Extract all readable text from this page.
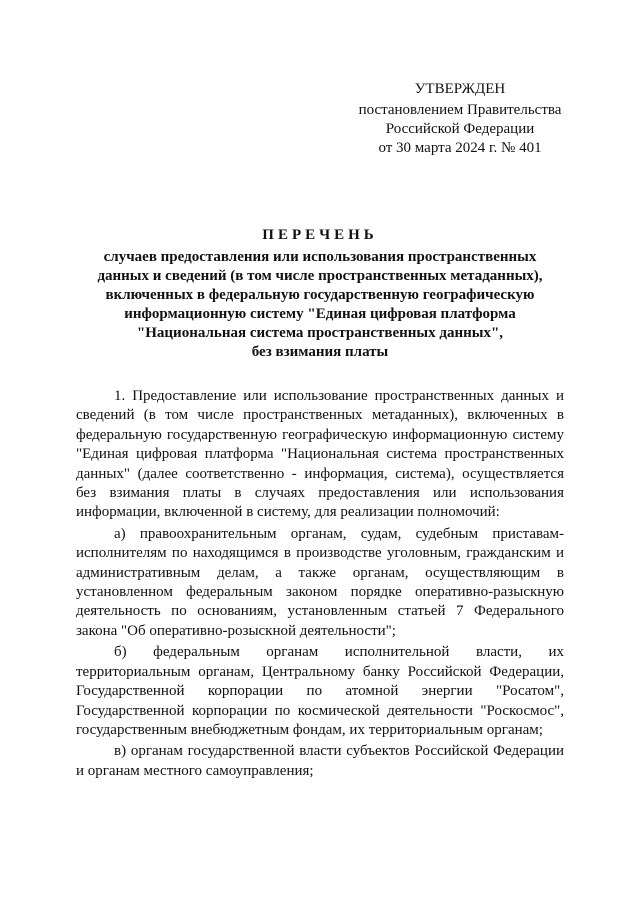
УТВЕРЖДЕН
постановлением Правительства
Российской Федерации
от 30 марта 2024 г. № 401
ПЕРЕЧЕНЬ
случаев предоставления или использования пространственных
данных и сведений (в том числе пространственных метаданных),
включенных в федеральную государственную географическую
информационную систему "Единая цифровая платформа
"Национальная система пространственных данных",
без взимания платы

1. Предоставление или использование пространственных данных и сведений (в том числе пространственных метаданных), включенных в федеральную государственную географическую информационную систему "Единая цифровая платформа "Национальная система пространственных данных" (далее соответственно - информация, система), осуществляется без взимания платы в случаях предоставления или использования информации, включенной в систему, для реализации полномочий:

а) правоохранительным органам, судам, судебным приставам-исполнителям по находящимся в производстве уголовным, гражданским и административным делам, а также органам, осуществляющим в установленном федеральным законом порядке оперативно-разыскную деятельность по основаниям, установленным статьей 7 Федерального закона "Об оперативно-розыскной деятельности";

б) федеральным органам исполнительной власти, их территориальным органам, Центральному банку Российской Федерации, Государственной корпорации по атомной энергии "Росатом", Государственной корпорации по космической деятельности "Роскосмос", государственным внебюджетным фондам, их территориальным органам;

в) органам государственной власти субъектов Российской Федерации и органам местного самоуправления;
